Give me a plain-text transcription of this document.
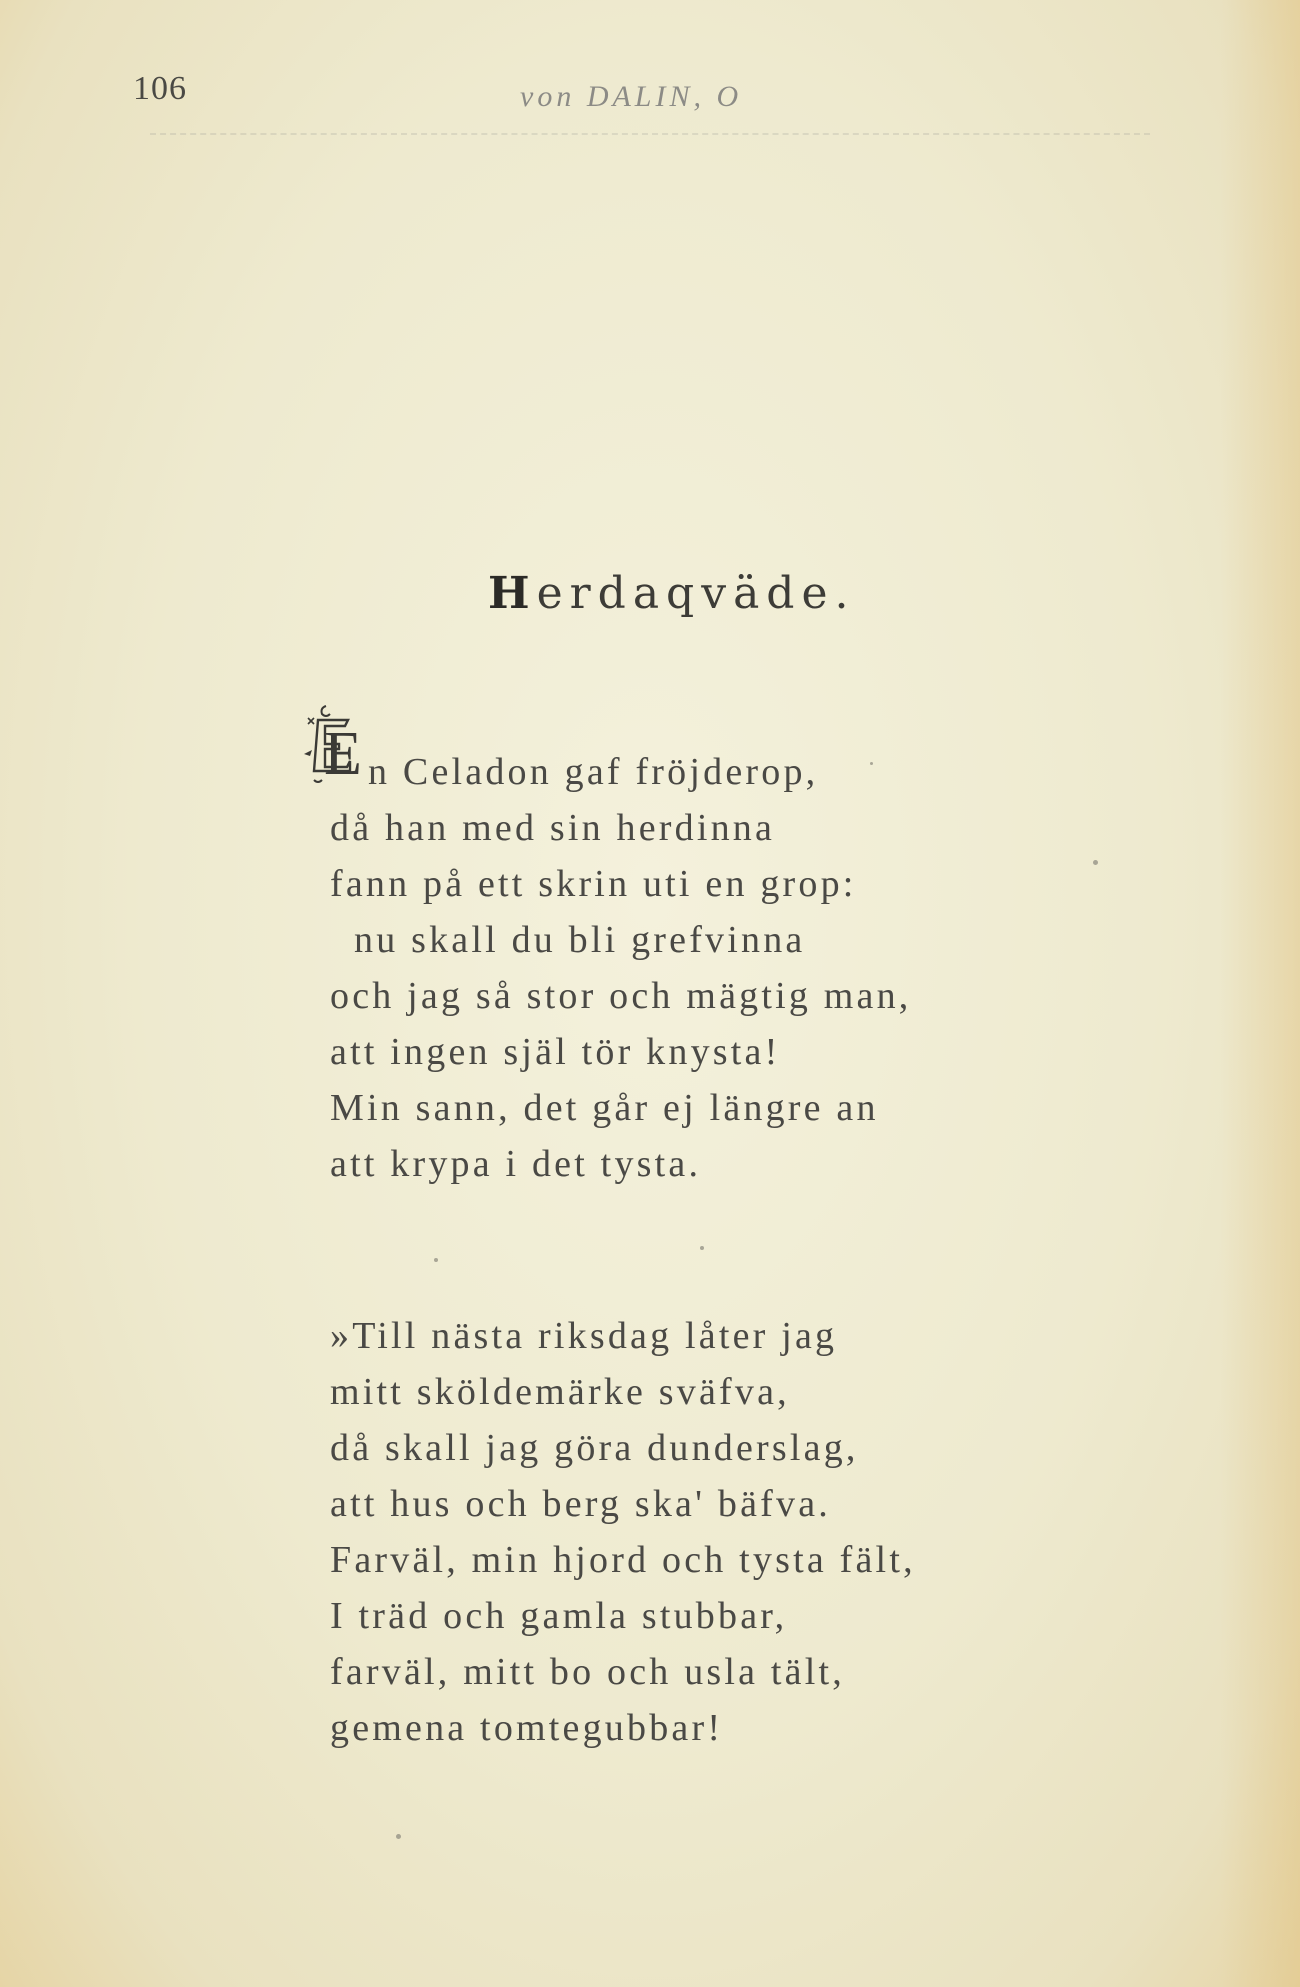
106	von DALIN, O
Herdaqväde.
E n Celadon gaf fröjderop,
då han med sin herdinna
fann på ett skrin uti en grop:
nu skall du bli grefvinna
och jag så stor och mägtig man,
att ingen själ tör knysta!
Min sann, det går ej längre an
att krypa i det tysta.
»Till nästa riksdag låter jag
mitt sköldemärke sväfva,
då skall jag göra dunderslag,
att hus och berg ska' bäfva.
Farväl, min hjord och tysta fält,
I träd och gamla stubbar,
farväl, mitt bo och usla tält,
gemena tomtegubbar!
